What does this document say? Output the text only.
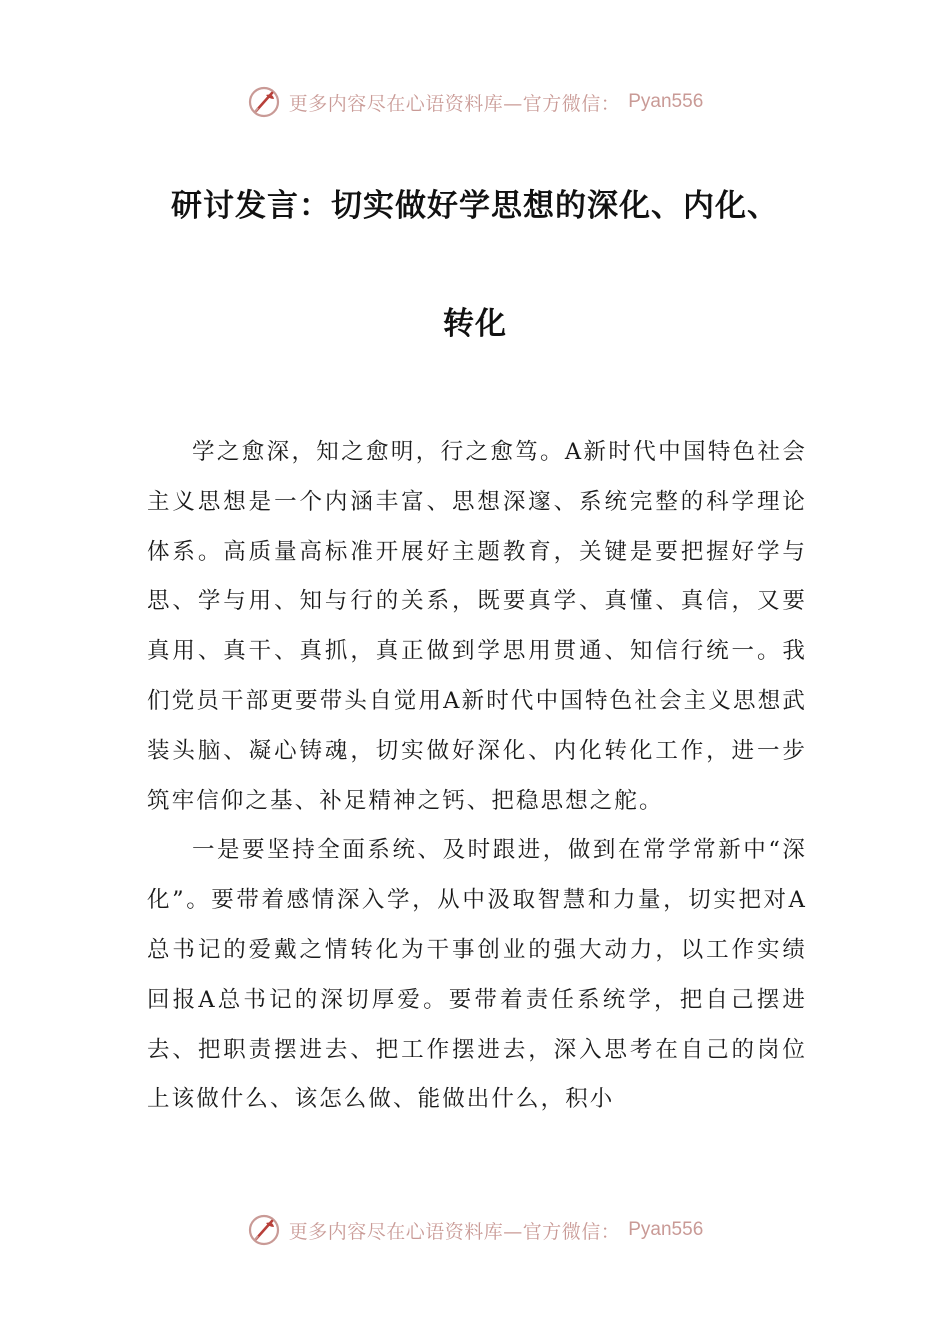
更多内容尽在心语资料库—官方微信： Pyan556
研讨发言：切实做好学思想的深化、内化、
转化

学之愈深，知之愈明，行之愈笃。A新时代中国特色社会主义思想是一个内涵丰富、思想深邃、系统完整的科学理论体系。高质量高标准开展好主题教育，关键是要把握好学与思、学与用、知与行的关系，既要真学、真懂、真信，又要真用、真干、真抓，真正做到学思用贯通、知信行统一。我们党员干部更要带头自觉用A新时代中国特色社会主义思想武装头脑、凝心铸魂，切实做好深化、内化转化工作，进一步筑牢信仰之基、补足精神之钙、把稳思想之舵。

一是要坚持全面系统、及时跟进，做到在常学常新中“深化”。要带着感情深入学，从中汲取智慧和力量，切实把对A总书记的爱戴之情转化为干事创业的强大动力，以工作实绩回报A总书记的深切厚爱。要带着责任系统学，把自己摆进去、把职责摆进去、把工作摆进去，深入思考在自己的岗位上该做什么、该怎么做、能做出什么，积小

更多内容尽在心语资料库—官方微信： Pyan556
